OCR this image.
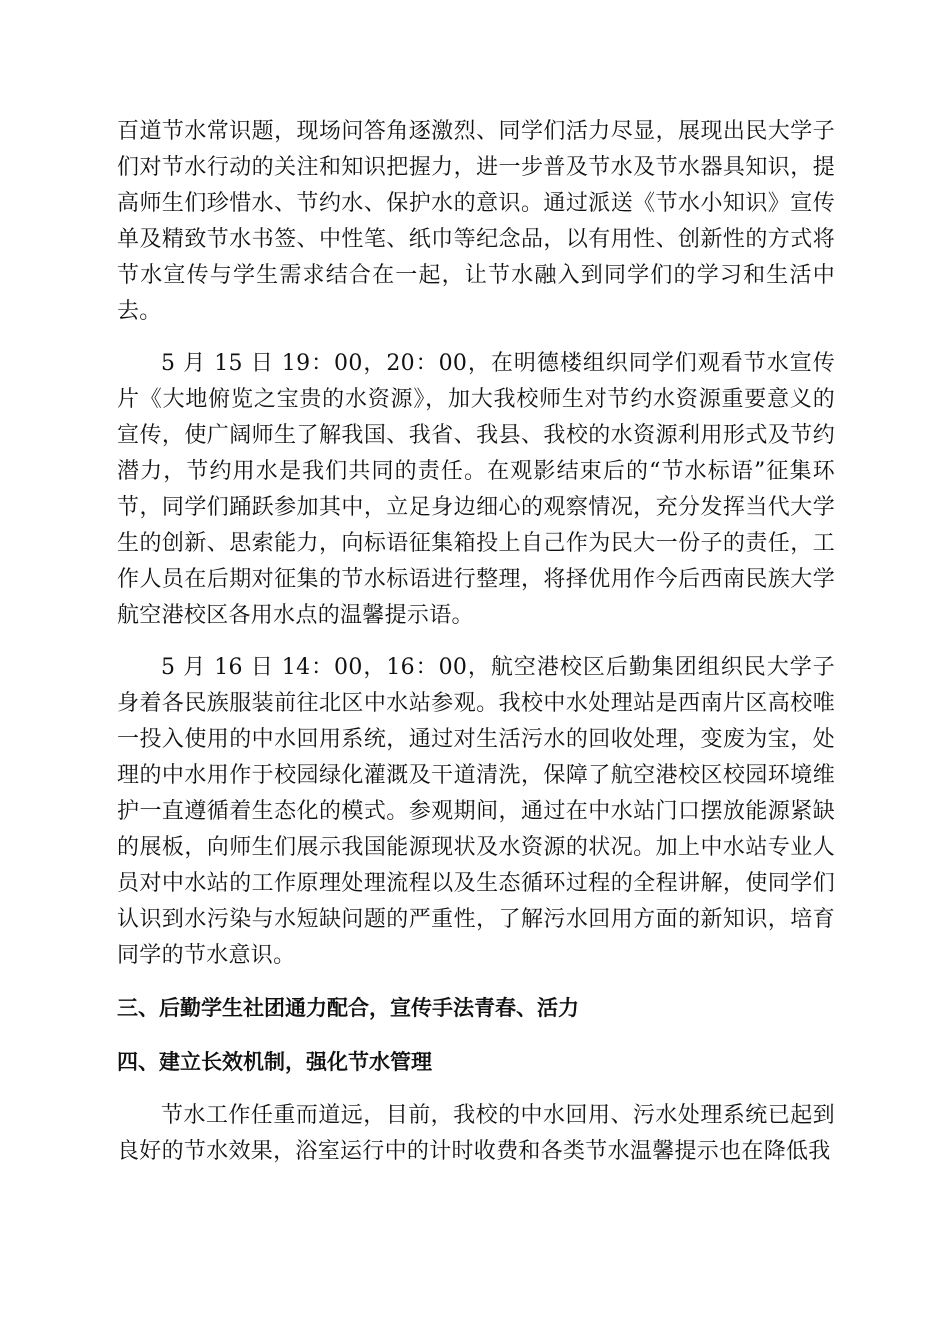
百道节水常识题，现场问答角逐激烈、同学们活力尽显，展现出民大学子们对节水行动的关注和知识把握力，进一步普及节水及节水器具知识，提高师生们珍惜水、节约水、保护水的意识。通过派送《节水小知识》宣传单及精致节水书签、中性笔、纸巾等纪念品，以有用性、创新性的方式将节水宣传与学生需求结合在一起，让节水融入到同学们的学习和生活中去。

5 月 15 日 19：00，20：00，在明德楼组织同学们观看节水宣传片《大地俯览之宝贵的水资源》，加大我校师生对节约水资源重要意义的宣传，使广阔师生了解我国、我省、我县、我校的水资源利用形式及节约潜力，节约用水是我们共同的责任。在观影结束后的“节水标语”征集环节，同学们踊跃参加其中，立足身边细心的观察情况，充分发挥当代大学生的创新、思索能力，向标语征集箱投上自己作为民大一份子的责任，工作人员在后期对征集的节水标语进行整理，将择优用作今后西南民族大学航空港校区各用水点的温馨提示语。

5 月 16 日 14：00，16：00，航空港校区后勤集团组织民大学子身着各民族服装前往北区中水站参观。我校中水处理站是西南片区高校唯一投入使用的中水回用系统，通过对生活污水的回收处理，变废为宝，处理的中水用作于校园绿化灌溉及干道清洗，保障了航空港校区校园环境维护一直遵循着生态化的模式。参观期间，通过在中水站门口摆放能源紧缺的展板，向师生们展示我国能源现状及水资源的状况。加上中水站专业人员对中水站的工作原理处理流程以及生态循环过程的全程讲解，使同学们认识到水污染与水短缺问题的严重性，了解污水回用方面的新知识，培育同学的节水意识。

三、后勤学生社团通力配合，宣传手法青春、活力
四、建立长效机制，强化节水管理

节水工作任重而道远，目前，我校的中水回用、污水处理系统已起到良好的节水效果，浴室运行中的计时收费和各类节水温馨提示也在降低我
